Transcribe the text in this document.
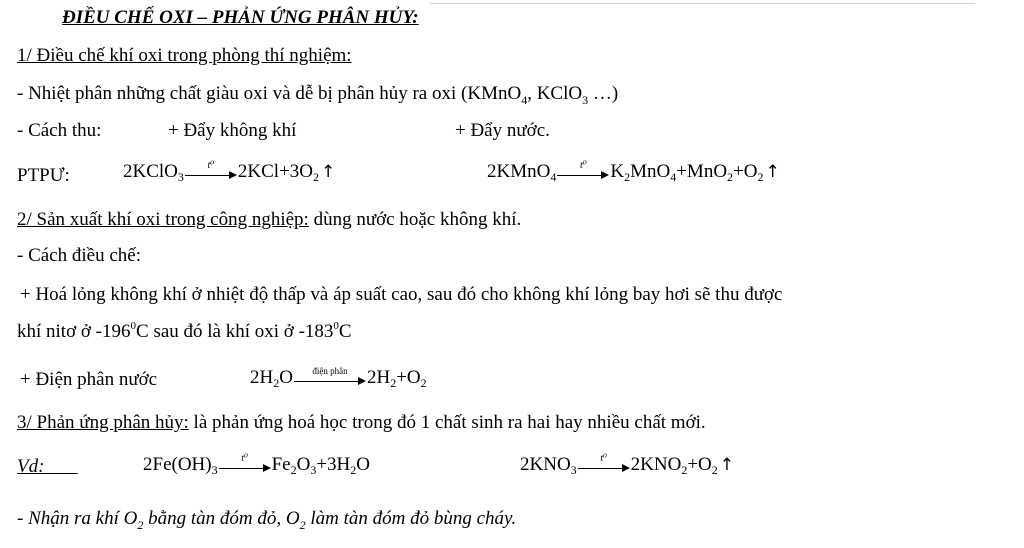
ĐIỀU CHẾ OXI – PHẢN ỨNG PHÂN HỦY:
1/ Điều chế khí oxi trong phòng thí nghiệm:
- Nhiệt phân những chất giàu oxi và dễ bị phân hủy ra oxi (KMnO$_4$, KClO$_3$ …)
- Cách thu:	+ Đẩy không khí	+ Đẩy nước.
PTPƯ:	2KClO 3
t⁰	2KCl+3O 2 ↑	2KMnO 4
t⁰	K 2 MnO 4 +MnO 2 +O 2 ↑
2/ Sản xuất khí oxi trong công nghiệp: dùng nước hoặc không khí.
- Cách điều chế:
+ Hoá lỏng không khí ở nhiệt độ thấp và áp suất cao, sau đó cho không khí lỏng bay hơi sẽ thu được
khí nitơ ở $-196^0C$ sau đó là khí oxi ở $-183^0C$
+ Điện phân nước	2H 2 O	điện phân	2H 2 +O 2
3/ Phản ứng phân hủy: là phản ứng hoá học trong đó 1 chất sinh ra hai hay nhiều chất mới.
Vd:	2Fe(OH) 3
t⁰	Fe 2 O 3 +3H 2 O	2KNO 3
t⁰	2KNO 2 +O 2 ↑
- Nhận ra khí $O_2$ bằng tàn đóm đỏ, $O_2$ làm tàn đóm đỏ bùng cháy.
